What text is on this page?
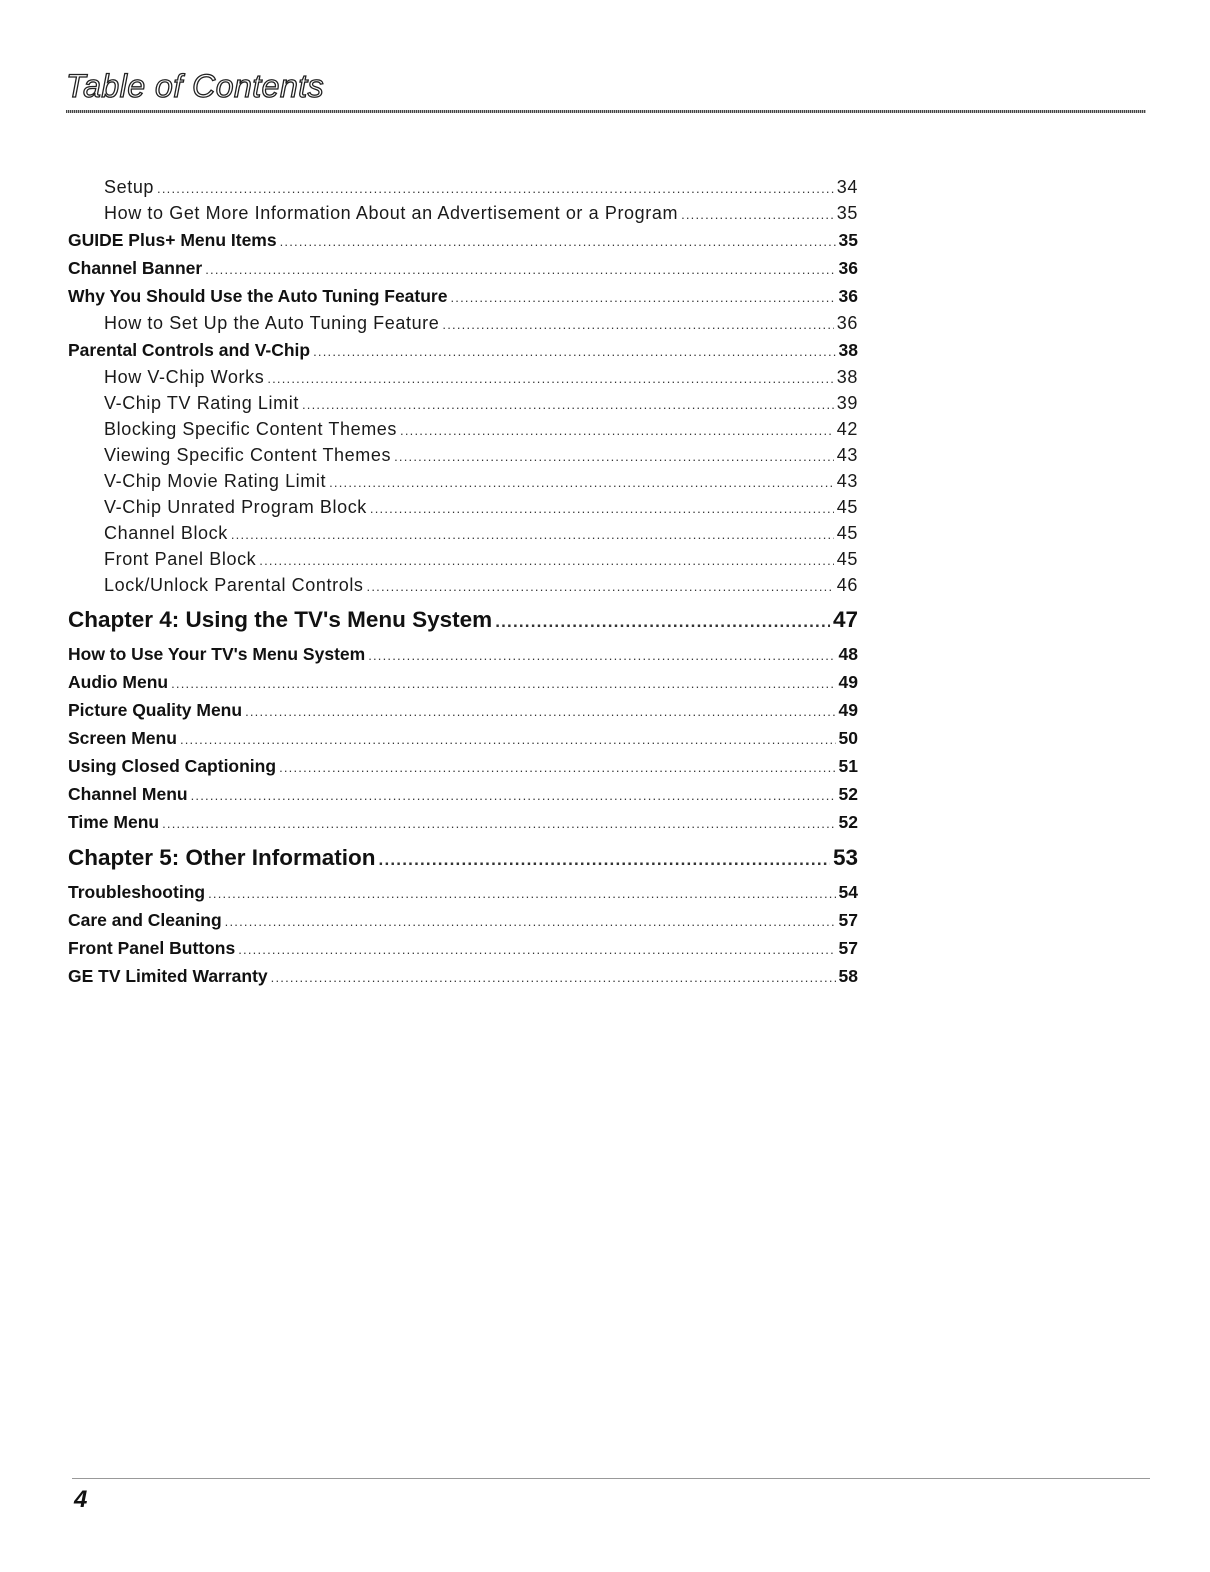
Table of Contents
Setup .....	34
How to Get More Information About an Advertisement or a Program .....	35
GUIDE Plus+ Menu Items .....	35
Channel Banner .....	36
Why You Should Use the Auto Tuning Feature .....	36
How to Set Up the Auto Tuning Feature .....	36
Parental Controls and V-Chip .....	38
How V-Chip Works .....	38
V-Chip TV Rating Limit .....	39
Blocking Specific Content Themes .....	42
Viewing Specific Content Themes .....	43
V-Chip Movie Rating Limit .....	43
V-Chip Unrated Program Block .....	45
Channel Block .....	45
Front Panel Block .....	45
Lock/Unlock Parental Controls .....	46
Chapter 4: Using the TV's Menu System .....	47
How to Use Your TV's Menu System .....	48
Audio Menu .....	49
Picture Quality Menu .....	49
Screen Menu .....	50
Using Closed Captioning .....	51
Channel Menu .....	52
Time Menu .....	52
Chapter 5: Other Information .....	53
Troubleshooting .....	54
Care and Cleaning .....	57
Front Panel Buttons .....	57
GE TV Limited Warranty .....	58

4
